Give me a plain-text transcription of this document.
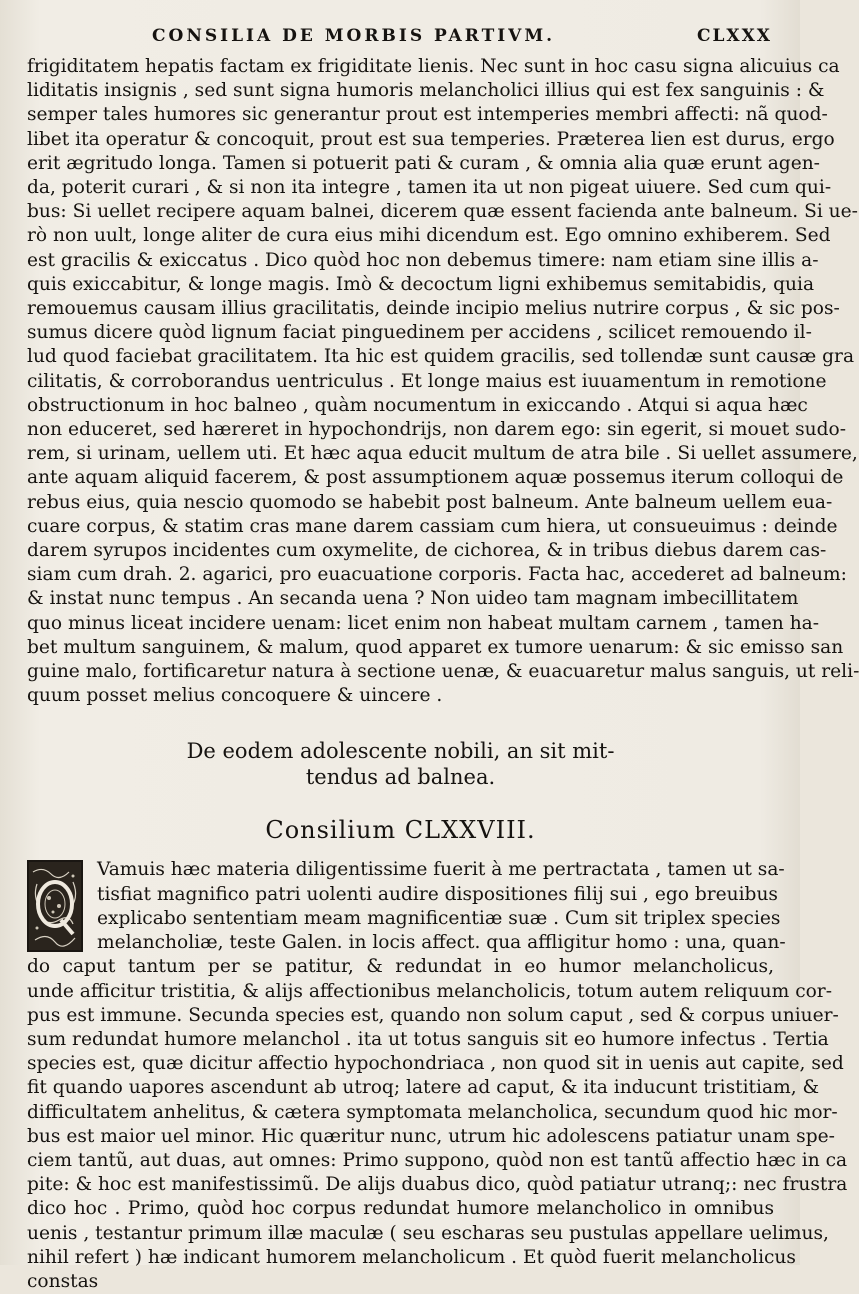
CONSILIA DE MORBIS PARTIVM.	CLXXX
frigiditatem hepatis factam ex frigiditate lienis. Nec sunt in hoc casu signa alicuius ca
liditatis insignis , sed sunt signa humoris melancholici illius qui est fex sanguinis : &
semper tales humores sic generantur prout est intemperies membri affecti: nã quod-
libet ita operatur & concoquit, prout est sua temperies. Præterea lien est durus, ergo
erit ægritudo longa. Tamen si potuerit pati & curam , & omnia alia quæ erunt agen-
da, poterit curari , & si non ita integre , tamen ita ut non pigeat uiuere. Sed cum qui-
bus: Si uellet recipere aquam balnei, dicerem quæ essent facienda ante balneum. Si ue-
rò non uult, longe aliter de cura eius mihi dicendum est. Ego omnino exhiberem. Sed
est gracilis & exiccatus . Dico quòd hoc non debemus timere: nam etiam sine illis a-
quis exiccabitur, & longe magis. Imò & decoctum ligni exhibemus semitabidis, quia
remouemus causam illius gracilitatis, deinde incipio melius nutrire corpus , & sic pos-
sumus dicere quòd lignum faciat pinguedinem per accidens , scilicet remouendo il-
lud quod faciebat gracilitatem. Ita hic est quidem gracilis, sed tollendæ sunt causæ gra
cilitatis, & corroborandus uentriculus . Et longe maius est iuuamentum in remotione
obstructionum in hoc balneo , quàm nocumentum in exiccando . Atqui si aqua hæc
non educeret, sed hæreret in hypochondrijs, non darem ego: sin egerit, si mouet sudo-
rem, si urinam, uellem uti. Et hæc aqua educit multum de atra bile . Si uellet assumere,
ante aquam aliquid facerem, & post assumptionem aquæ possemus iterum colloqui de
rebus eius, quia nescio quomodo se habebit post balneum. Ante balneum uellem eua-
cuare corpus, & statim cras mane darem cassiam cum hiera, ut consueuimus : deinde
darem syrupos incidentes cum oxymelite, de cichorea, & in tribus diebus darem cas-
siam cum drah. 2. agarici, pro euacuatione corporis. Facta hac, accederet ad balneum:
& instat nunc tempus . An secanda uena ? Non uideo tam magnam imbecillitatem
quo minus liceat incidere uenam: licet enim non habeat multam carnem , tamen ha-
bet multum sanguinem, & malum, quod apparet ex tumore uenarum: & sic emisso san
guine malo, fortificaretur natura à sectione uenæ, & euacuaretur malus sanguis, ut reli-
quum posset melius concoquere & uincere .
De eodem adolescente nobili, an sit mit-
tendus ad balnea.
Consilium CLXXVIII.
Vamuis hæc materia diligentissime fuerit à me pertractata , tamen ut sa-
tisfiat magnifico patri uolenti audire dispositiones filij sui , ego breuibus
explicabo sententiam meam magnificentiæ suæ . Cum sit triplex species
melancholiæ, teste Galen. in locis affect. qua affligitur homo : una, quan-
do caput tantum per se patitur, & redundat in eo humor melancholicus,
unde afficitur tristitia, & alijs affectionibus melancholicis, totum autem reliquum cor-
pus est immune. Secunda species est, quando non solum caput , sed & corpus uniuer-
sum redundat humore melanchol . ita ut totus sanguis sit eo humore infectus . Tertia
species est, quæ dicitur affectio hypochondriaca , non quod sit in uenis aut capite, sed
fit quando uapores ascendunt ab utroq; latere ad caput, & ita inducunt tristitiam, &
difficultatem anhelitus, & cætera symptomata melancholica, secundum quod hic mor-
bus est maior uel minor. Hic quæritur nunc, utrum hic adolescens patiatur unam spe-
ciem tantũ, aut duas, aut omnes: Primo suppono, quòd non est tantũ affectio hæc in ca
pite: & hoc est manifestissimũ. De alijs duabus dico, quòd patiatur utranq;: nec frustra
dico hoc . Primo, quòd hoc corpus redundat humore melancholico in omnibus
uenis , testantur primum illæ maculæ ( seu escharas seu pustulas appellare uelimus,
nihil refert ) hæ indicant humorem melancholicum . Et quòd fuerit melancholicus
constas
